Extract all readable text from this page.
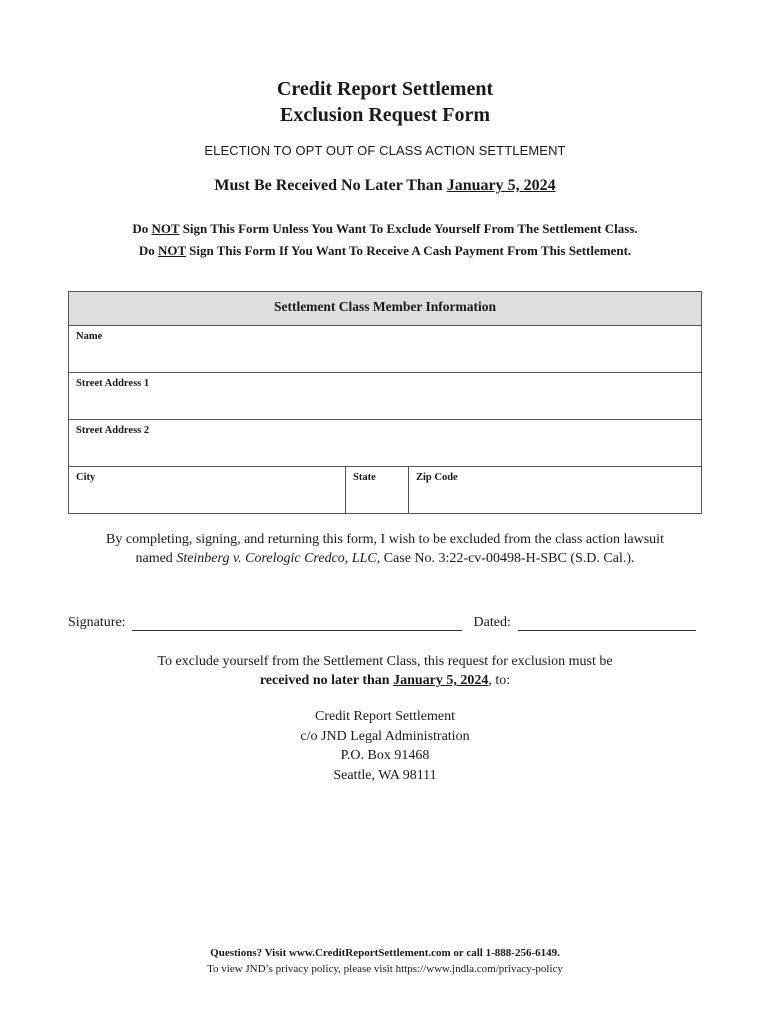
Credit Report Settlement
Exclusion Request Form
ELECTION TO OPT OUT OF CLASS ACTION SETTLEMENT
Must Be Received No Later Than January 5, 2024
Do NOT Sign This Form Unless You Want To Exclude Yourself From The Settlement Class.
Do NOT Sign This Form If You Want To Receive A Cash Payment From This Settlement.
Settlement Class Member Information
Name
Street Address 1
Street Address 2
City	State	Zip Code
By completing, signing, and returning this form, I wish to be excluded from the class action lawsuit
named Steinberg v. Corelogic Credco, LLC, Case No. 3:22-cv-00498-H-SBC (S.D. Cal.).
Signature:	Dated:
To exclude yourself from the Settlement Class, this request for exclusion must be
received no later than January 5, 2024, to:
Credit Report Settlement
c/o JND Legal Administration
P.O. Box 91468
Seattle, WA 98111
Questions? Visit www.CreditReportSettlement.com or call 1-888-256-6149.
To view JND’s privacy policy, please visit https://www.jndla.com/privacy-policy
